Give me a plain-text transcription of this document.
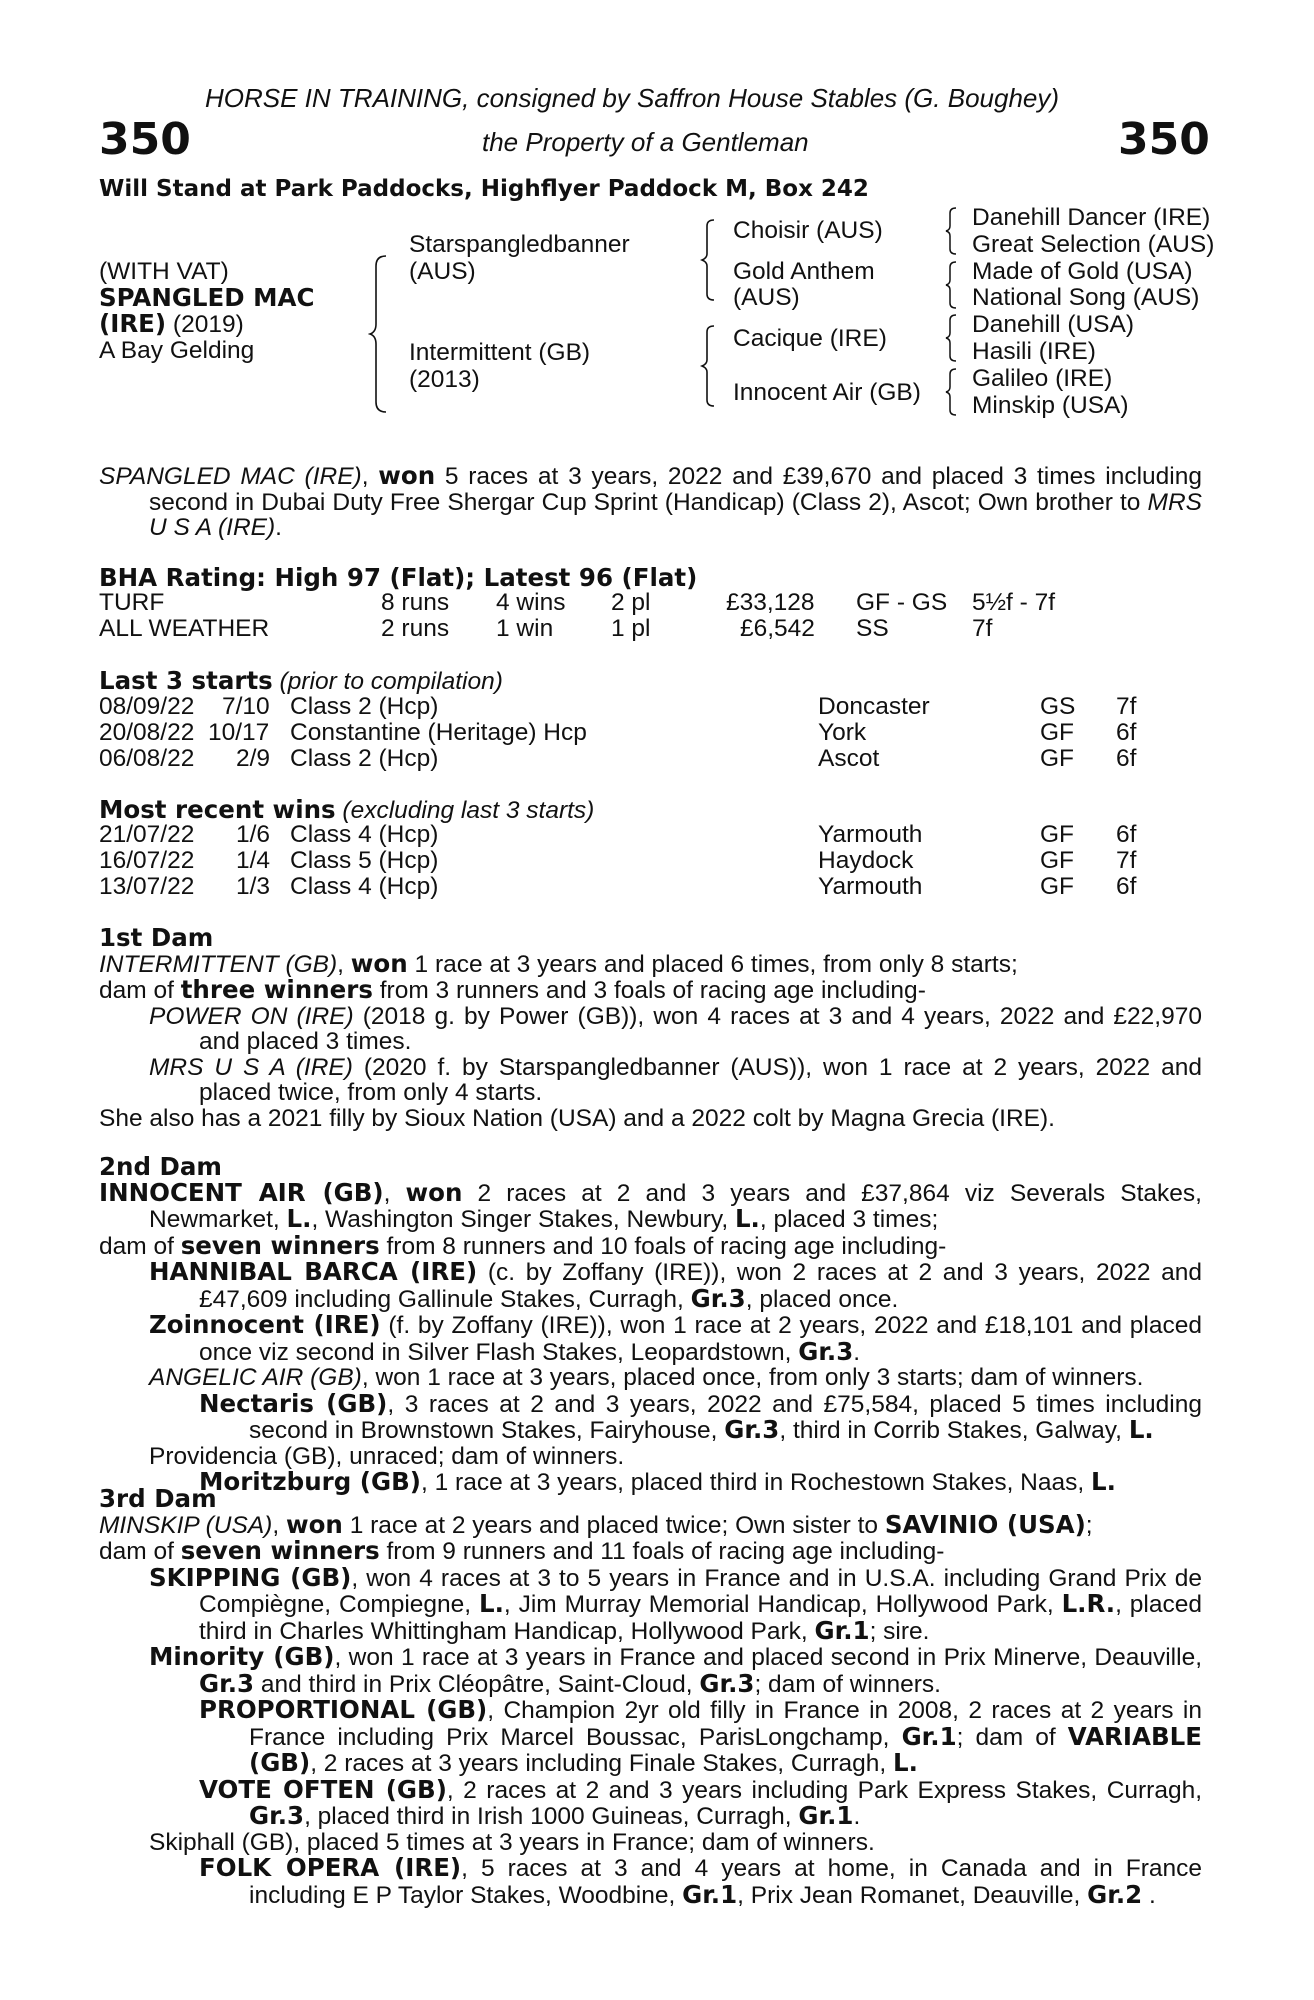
HORSE IN TRAINING, consigned by Saffron House Stables (G. Boughey)
350	the Property of a Gentleman	350
Will Stand at Park Paddocks, Highflyer Paddock M, Box 242
(WITH VAT)
SPANGLED MAC
(IRE) (2019)
A Bay Gelding
Starspangledbanner
(AUS)
Intermittent (GB)
(2013)
Choisir (AUS)
Gold Anthem
(AUS)
Cacique (IRE)
Innocent Air (GB)
Danehill Dancer (IRE)
Great Selection (AUS)
Made of Gold (USA)
National Song (AUS)
Danehill (USA)
Hasili (IRE)
Galileo (IRE)
Minskip (USA)

SPANGLED MAC (IRE), won 5 races at 3 years, 2022 and £39,670 and placed 3 times including second in Dubai Duty Free Shergar Cup Sprint (Handicap) (Class 2), Ascot; Own brother to MRS U S A (IRE).

BHA Rating: High 97 (Flat); Latest 96 (Flat)
TURF	8 runs 4 wins 2 pl	£33,128 GF - GS 5½f - 7f
ALL WEATHER	2 runs 1 win 1 pl	£6,542 SS	7f
Last 3 starts (prior to compilation)
08/09/22 7/10 Class 2 (Hcp)	Doncaster	GS 7f
20/08/22 10/17 Constantine (Heritage) Hcp	York	GF 6f
06/08/22 2/9 Class 2 (Hcp)	Ascot	GF 6f
Most recent wins (excluding last 3 starts)
21/07/22 1/6 Class 4 (Hcp)	Yarmouth	GF 6f
16/07/22 1/4 Class 5 (Hcp)	Haydock	GF 7f
13/07/22 1/3 Class 4 (Hcp)	Yarmouth	GF 6f

1st Dam

INTERMITTENT (GB), won 1 race at 3 years and placed 6 times, from only 8 starts;

dam of three winners from 3 runners and 3 foals of racing age including-

POWER ON (IRE) (2018 g. by Power (GB)), won 4 races at 3 and 4 years, 2022 and £22,970 and placed 3 times.

MRS U S A (IRE) (2020 f. by Starspangledbanner (AUS)), won 1 race at 2 years, 2022 and placed twice, from only 4 starts.

She also has a 2021 filly by Sioux Nation (USA) and a 2022 colt by Magna Grecia (IRE).

2nd Dam

INNOCENT AIR (GB), won 2 races at 2 and 3 years and £37,864 viz Severals Stakes, Newmarket, L., Washington Singer Stakes, Newbury, L., placed 3 times;

dam of seven winners from 8 runners and 10 foals of racing age including-

HANNIBAL BARCA (IRE) (c. by Zoffany (IRE)), won 2 races at 2 and 3 years, 2022 and £47,609 including Gallinule Stakes, Curragh, Gr.3, placed once.

Zoinnocent (IRE) (f. by Zoffany (IRE)), won 1 race at 2 years, 2022 and £18,101 and placed once viz second in Silver Flash Stakes, Leopardstown, Gr.3.

ANGELIC AIR (GB), won 1 race at 3 years, placed once, from only 3 starts; dam of winners.

Nectaris (GB), 3 races at 2 and 3 years, 2022 and £75,584, placed 5 times including second in Brownstown Stakes, Fairyhouse, Gr.3, third in Corrib Stakes, Galway, L.

Providencia (GB), unraced; dam of winners.

Moritzburg (GB), 1 race at 3 years, placed third in Rochestown Stakes, Naas, L.

3rd Dam

MINSKIP (USA), won 1 race at 2 years and placed twice; Own sister to SAVINIO (USA);

dam of seven winners from 9 runners and 11 foals of racing age including-

SKIPPING (GB), won 4 races at 3 to 5 years in France and in U.S.A. including Grand Prix de Compiègne, Compiegne, L., Jim Murray Memorial Handicap, Hollywood Park, L.R., placed third in Charles Whittingham Handicap, Hollywood Park, Gr.1; sire.

Minority (GB), won 1 race at 3 years in France and placed second in Prix Minerve, Deauville, Gr.3 and third in Prix Cléopâtre, Saint-Cloud, Gr.3; dam of winners.

PROPORTIONAL (GB), Champion 2yr old filly in France in 2008, 2 races at 2 years in France including Prix Marcel Boussac, ParisLongchamp, Gr.1; dam of VARIABLE (GB), 2 races at 3 years including Finale Stakes, Curragh, L.

VOTE OFTEN (GB), 2 races at 2 and 3 years including Park Express Stakes, Curragh, Gr.3, placed third in Irish 1000 Guineas, Curragh, Gr.1.

Skiphall (GB), placed 5 times at 3 years in France; dam of winners.

FOLK OPERA (IRE), 5 races at 3 and 4 years at home, in Canada and in France including E P Taylor Stakes, Woodbine, Gr.1, Prix Jean Romanet, Deauville, Gr.2 .
